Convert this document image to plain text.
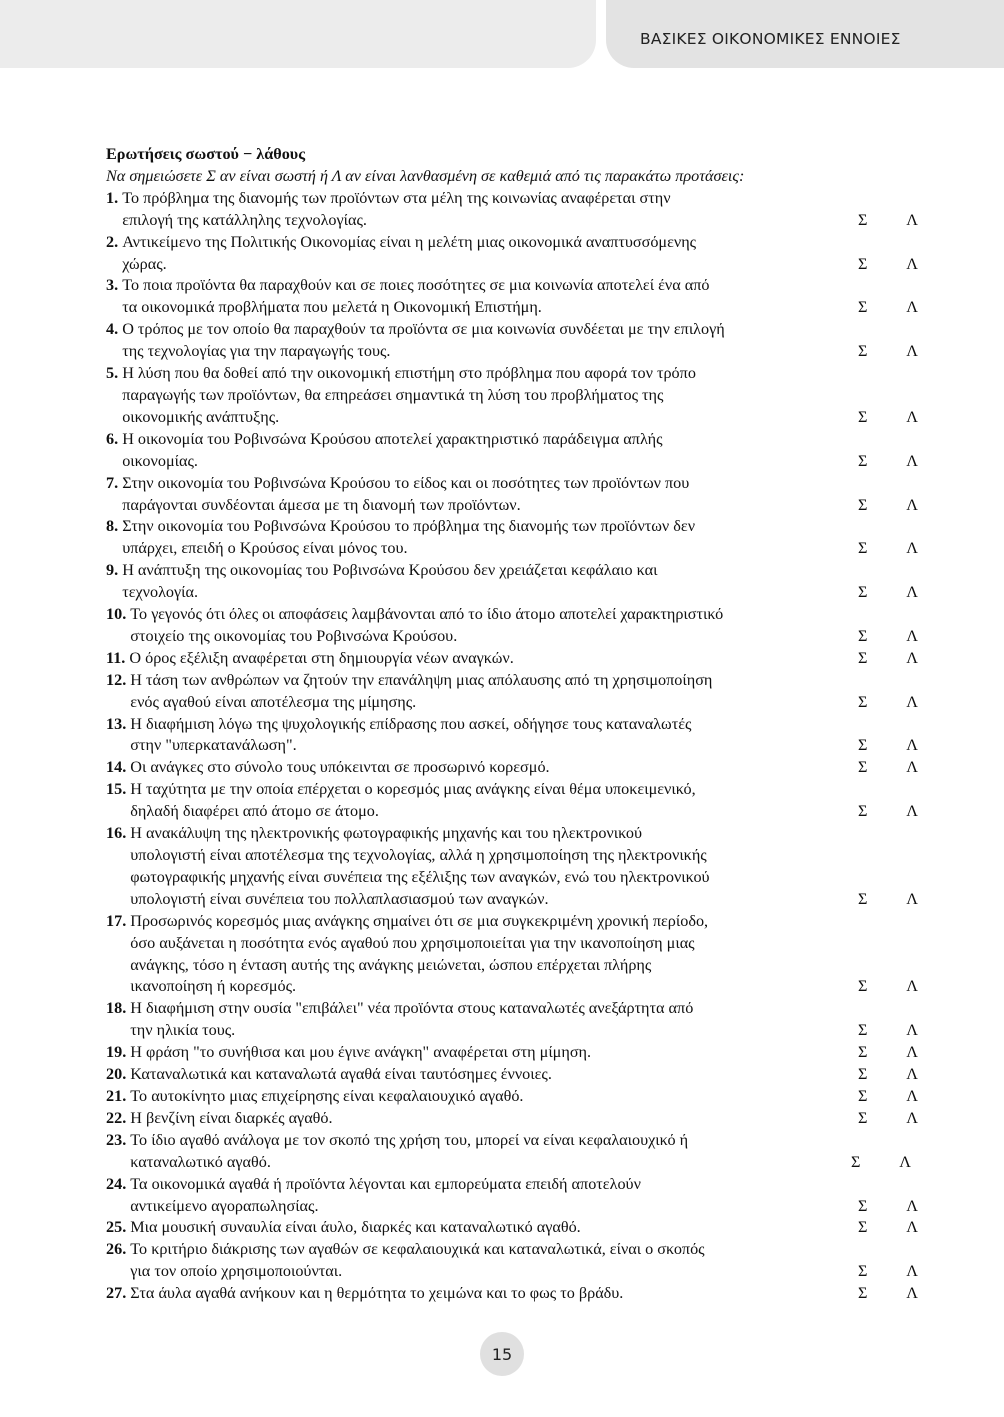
ΒΑΣΙΚΕΣ ΟΙΚΟΝΟΜΙΚΕΣ ΕΝΝΟΙΕΣ
Ερωτήσεις σωστού − λάθους
Να σημειώσετε Σ αν είναι σωστή ή Λ αν είναι λανθασμένη σε καθεμιά από τις παρακάτω προτάσεις:
1. Το πρόβλημα της διανομής των προϊόντων στα μέλη της κοινωνίας αναφέρεται στην
επιλογή της κατάλληλης τεχνολογίας.	Σ Λ
2. Αντικείμενο της Πολιτικής Οικονομίας είναι η μελέτη μιας οικονομικά αναπτυσσόμενης
χώρας.	Σ Λ
3. Το ποια προϊόντα θα παραχθούν και σε ποιες ποσότητες σε μια κοινωνία αποτελεί ένα από
τα οικονομικά προβλήματα που μελετά η Οικονομική Επιστήμη.	Σ Λ
4. Ο τρόπος με τον οποίο θα παραχθούν τα προϊόντα σε μια κοινωνία συνδέεται με την επιλογή
της τεχνολογίας για την παραγωγής τους.	Σ Λ
5. Η λύση που θα δοθεί από την οικονομική επιστήμη στο πρόβλημα που αφορά τον τρόπο
παραγωγής των προϊόντων, θα επηρεάσει σημαντικά τη λύση του προβλήματος της
οικονομικής ανάπτυξης.	Σ Λ
6. Η οικονομία του Ροβινσώνα Κρούσου αποτελεί χαρακτηριστικό παράδειγμα απλής
οικονομίας.	Σ Λ
7. Στην οικονομία του Ροβινσώνα Κρούσου το είδος και οι ποσότητες των προϊόντων που
παράγονται συνδέονται άμεσα με τη διανομή των προϊόντων.	Σ Λ
8. Στην οικονομία του Ροβινσώνα Κρούσου το πρόβλημα της διανομής των προϊόντων δεν
υπάρχει, επειδή ο Κρούσος είναι μόνος του.	Σ Λ
9. Η ανάπτυξη της οικονομίας του Ροβινσώνα Κρούσου δεν χρειάζεται κεφάλαιο και
τεχνολογία.	Σ Λ
10. Το γεγονός ότι όλες οι αποφάσεις λαμβάνονται από το ίδιο άτομο αποτελεί χαρακτηριστικό
στοιχείο της οικονομίας του Ροβινσώνα Κρούσου.	Σ Λ
11. Ο όρος εξέλιξη αναφέρεται στη δημιουργία νέων αναγκών.	Σ Λ
12. Η τάση των ανθρώπων να ζητούν την επανάληψη μιας απόλαυσης από τη χρησιμοποίηση
ενός αγαθού είναι αποτέλεσμα της μίμησης.	Σ Λ
13. Η διαφήμιση λόγω της ψυχολογικής επίδρασης που ασκεί, οδήγησε τους καταναλωτές
στην "υπερκατανάλωση".	Σ Λ
14. Οι ανάγκες στο σύνολο τους υπόκεινται σε προσωρινό κορεσμό.	Σ Λ
15. Η ταχύτητα με την οποία επέρχεται ο κορεσμός μιας ανάγκης είναι θέμα υποκειμενικό,
δηλαδή διαφέρει από άτομο σε άτομο.	Σ Λ
16. Η ανακάλυψη της ηλεκτρονικής φωτογραφικής μηχανής και του ηλεκτρονικού
υπολογιστή είναι αποτέλεσμα της τεχνολογίας, αλλά η χρησιμοποίηση της ηλεκτρονικής
φωτογραφικής μηχανής είναι συνέπεια της εξέλιξης των αναγκών, ενώ του ηλεκτρονικού
υπολογιστή είναι συνέπεια του πολλαπλασιασμού των αναγκών.	Σ Λ
17. Προσωρινός κορεσμός μιας ανάγκης σημαίνει ότι σε μια συγκεκριμένη χρονική περίοδο,
όσο αυξάνεται η ποσότητα ενός αγαθού που χρησιμοποιείται για την ικανοποίηση μιας
ανάγκης, τόσο η ένταση αυτής της ανάγκης μειώνεται, ώσπου επέρχεται πλήρης
ικανοποίηση ή κορεσμός.	Σ Λ
18. Η διαφήμιση στην ουσία "επιβάλει" νέα προϊόντα στους καταναλωτές ανεξάρτητα από
την ηλικία τους.	Σ Λ
19. Η φράση "το συνήθισα και μου έγινε ανάγκη" αναφέρεται στη μίμηση.	Σ Λ
20. Καταναλωτικά και καταναλωτά αγαθά είναι ταυτόσημες έννοιες.	Σ Λ
21. Το αυτοκίνητο μιας επιχείρησης είναι κεφαλαιουχικό αγαθό.	Σ Λ
22. Η βενζίνη είναι διαρκές αγαθό.	Σ Λ
23. Το ίδιο αγαθό ανάλογα με τον σκοπό της χρήση του, μπορεί να είναι κεφαλαιουχικό ή
καταναλωτικό αγαθό.	Σ Λ
24. Τα οικονομικά αγαθά ή προϊόντα λέγονται και εμπορεύματα επειδή αποτελούν
αντικείμενο αγοραπωλησίας.	Σ Λ
25. Μια μουσική συναυλία είναι άυλο, διαρκές και καταναλωτικό αγαθό.	Σ Λ
26. Το κριτήριο διάκρισης των αγαθών σε κεφαλαιουχικά και καταναλωτικά, είναι ο σκοπός
για τον οποίο χρησιμοποιούνται.	Σ Λ
27. Στα άυλα αγαθά ανήκουν και η θερμότητα το χειμώνα και το φως το βράδυ.	Σ Λ
15
